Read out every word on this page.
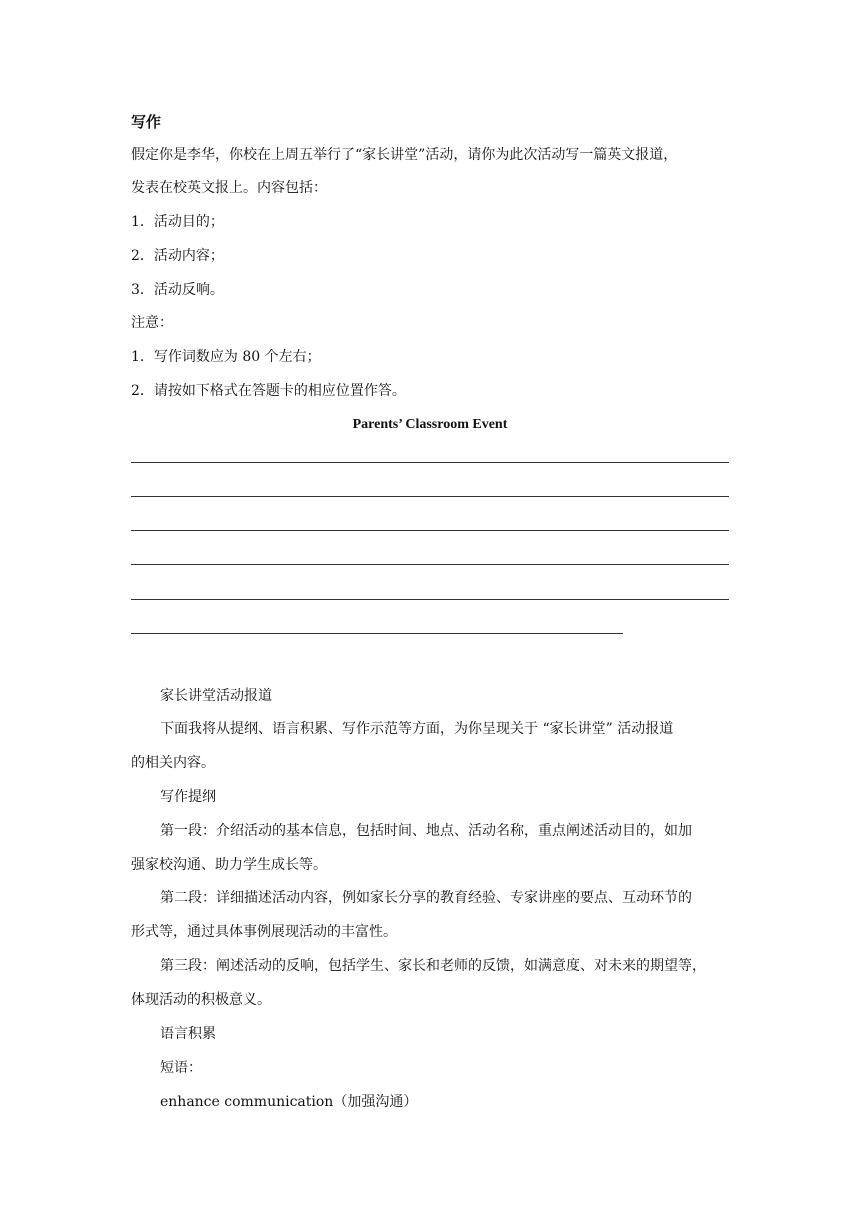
写作
假定你是李华，你校在上周五举行了“家长讲堂”活动，请你为此次活动写一篇英文报道，
发表在校英文报上。内容包括：
1．活动目的；
2．活动内容；
3．活动反响。
注意：
1．写作词数应为 80 个左右；
2．请按如下格式在答题卡的相应位置作答。
Parents’ Classroom Event
家长讲堂活动报道
下面我将从提纲、语言积累、写作示范等方面，为你呈现关于 “家长讲堂” 活动报道
的相关内容。
写作提纲
第一段：介绍活动的基本信息，包括时间、地点、活动名称，重点阐述活动目的，如加
强家校沟通、助力学生成长等。
第二段：详细描述活动内容，例如家长分享的教育经验、专家讲座的要点、互动环节的
形式等，通过具体事例展现活动的丰富性。
第三段：阐述活动的反响，包括学生、家长和老师的反馈，如满意度、对未来的期望等，
体现活动的积极意义。
语言积累
短语：
enhance communication（加强沟通）
